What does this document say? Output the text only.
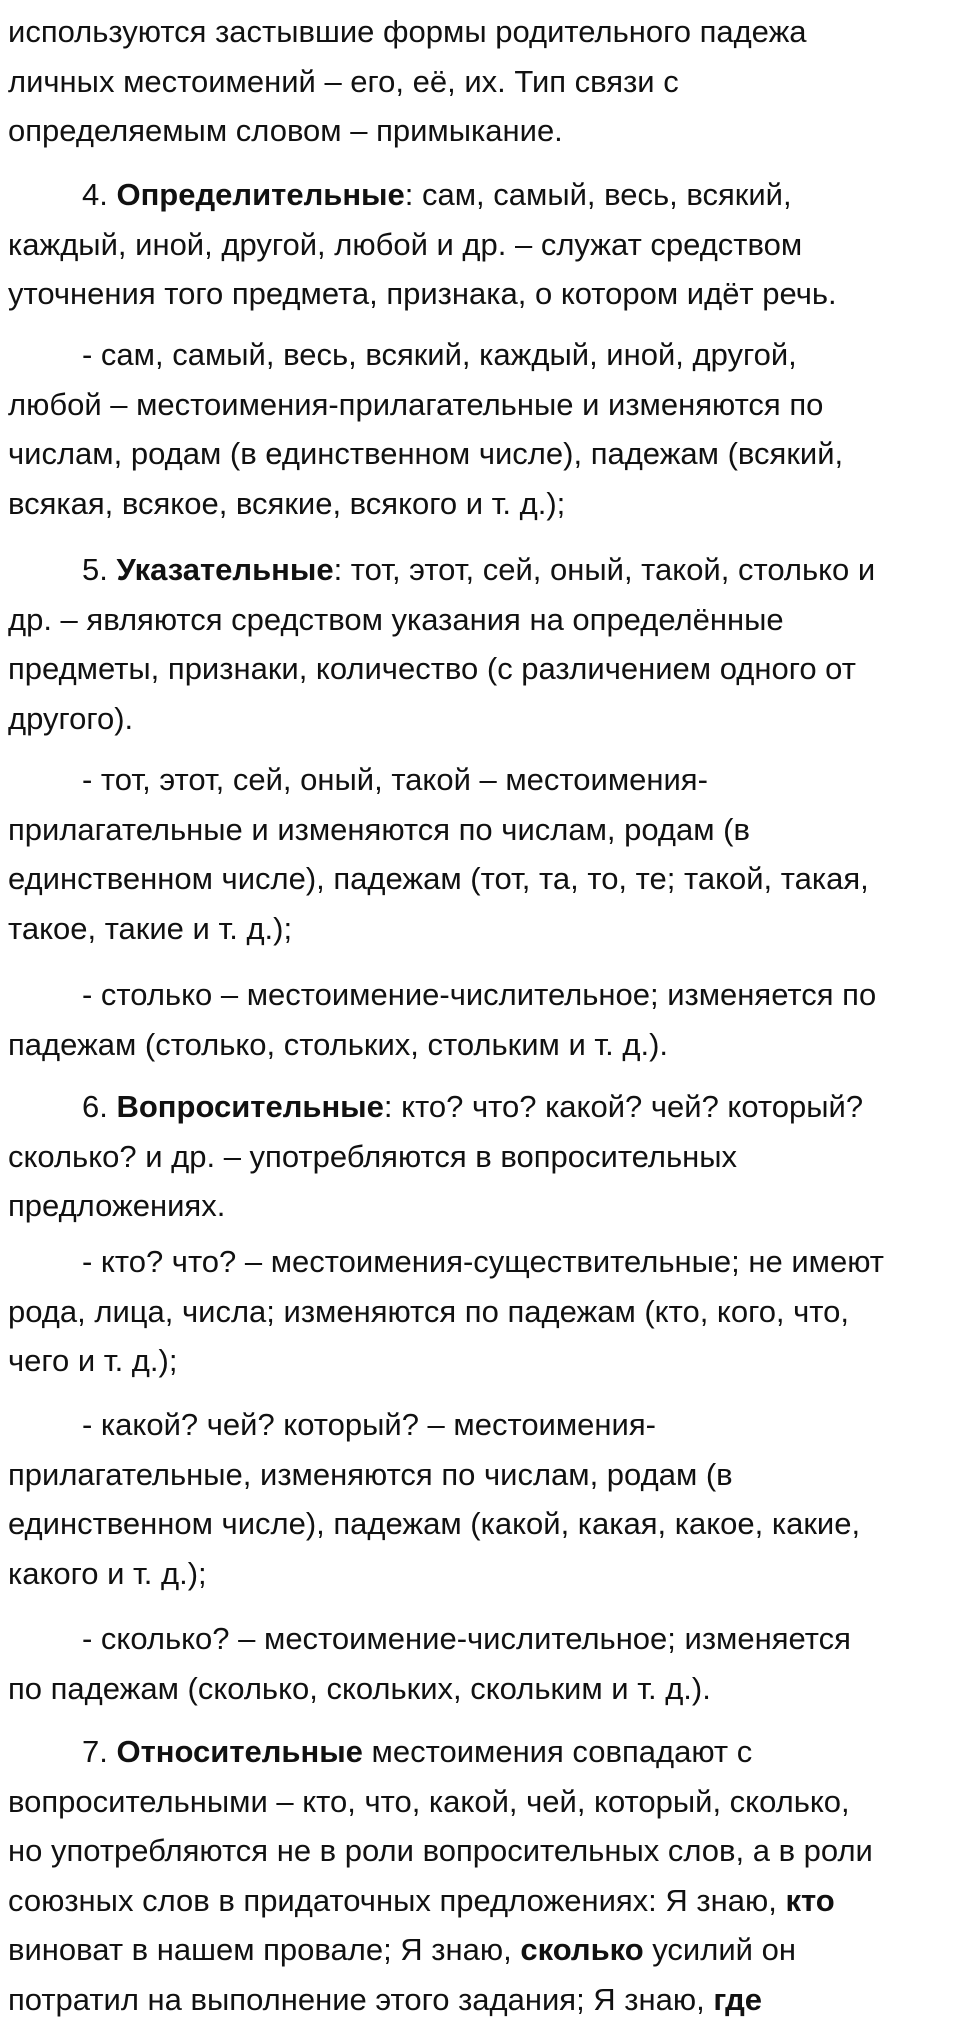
используются застывшие формы родительного падежа
личных местоимений – его, её, их. Тип связи с
определяемым словом – примыкание.

4. Определительные: сам, самый, весь, всякий,
каждый, иной, другой, любой и др. – служат средством
уточнения того предмета, признака, о котором идёт речь.

- сам, самый, весь, всякий, каждый, иной, другой,
любой – местоимения-прилагательные и изменяются по
числам, родам (в единственном числе), падежам (всякий,
всякая, всякое, всякие, всякого и т. д.);

5. Указательные: тот, этот, сей, оный, такой, столько и
др. – являются средством указания на определённые
предметы, признаки, количество (с различением одного от
другого).

- тот, этот, сей, оный, такой – местоимения-
прилагательные и изменяются по числам, родам (в
единственном числе), падежам (тот, та, то, те; такой, такая,
такое, такие и т. д.);

- столько – местоимение-числительное; изменяется по
падежам (столько, стольких, стольким и т. д.).

6. Вопросительные: кто? что? какой? чей? который?
сколько? и др. – употребляются в вопросительных
предложениях.

- кто? что? – местоимения-существительные; не имеют
рода, лица, числа; изменяются по падежам (кто, кого, что,
чего и т. д.);

- какой? чей? который? – местоимения-
прилагательные, изменяются по числам, родам (в
единственном числе), падежам (какой, какая, какое, какие,
какого и т. д.);

- сколько? – местоимение-числительное; изменяется
по падежам (сколько, скольких, скольким и т. д.).

7. Относительные местоимения совпадают с
вопросительными – кто, что, какой, чей, который, сколько,
но употребляются не в роли вопросительных слов, а в роли
союзных слов в придаточных предложениях: Я знаю, кто
виноват в нашем провале; Я знаю, сколько усилий он
потратил на выполнение этого задания; Я знаю, где
